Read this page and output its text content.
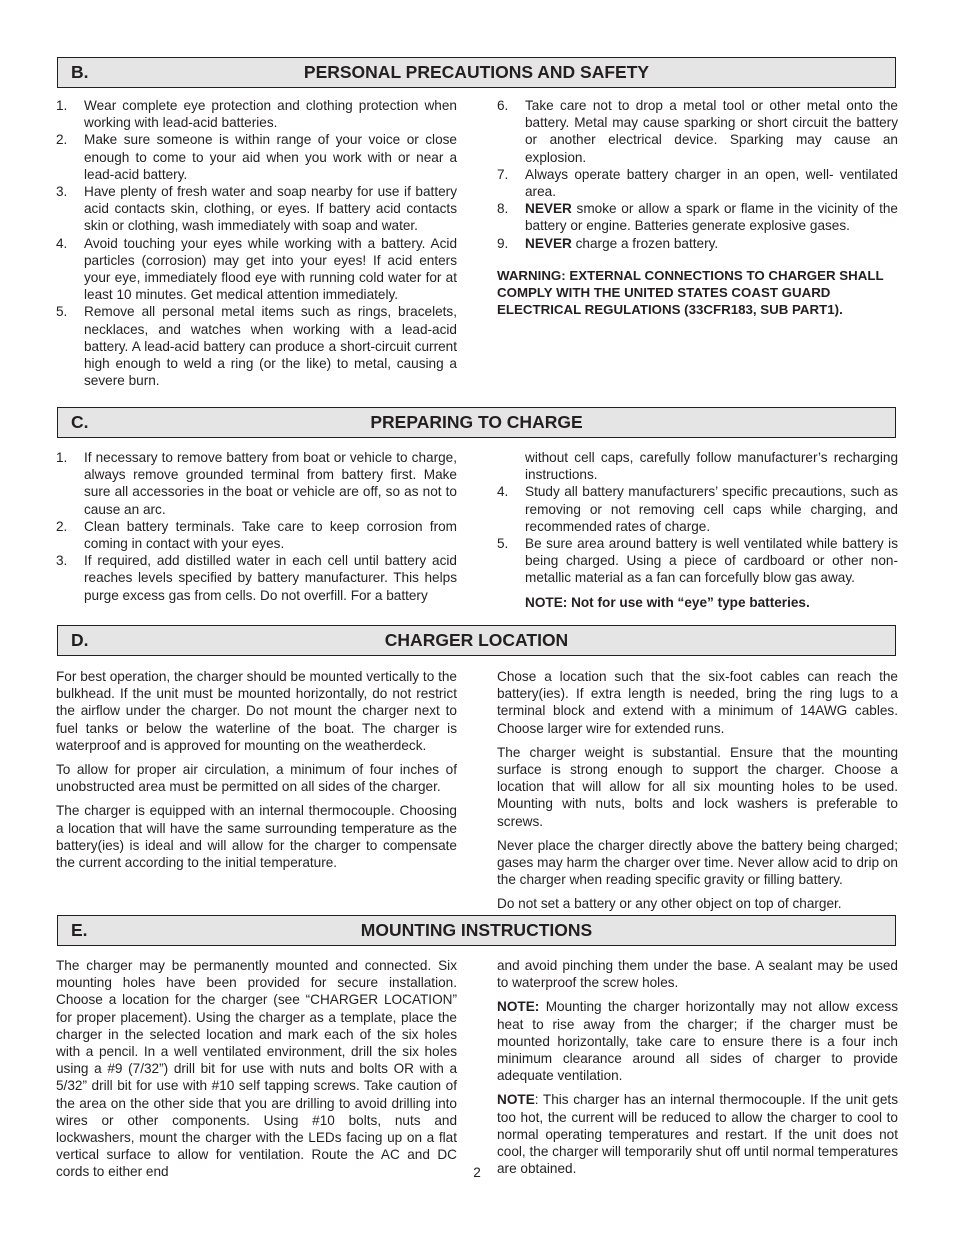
B.	PERSONAL PRECAUTIONS AND SAFETY
1. Wear complete eye protection and clothing protection when working with lead-acid batteries.
2. Make sure someone is within range of your voice or close enough to come to your aid when you work with or near a lead-acid battery.
3. Have plenty of fresh water and soap nearby for use if battery acid contacts skin, clothing, or eyes. If battery acid contacts skin or clothing, wash immediately with soap and water.
4. Avoid touching your eyes while working with a battery. Acid particles (corrosion) may get into your eyes! If acid enters your eye, immediately flood eye with running cold water for at least 10 minutes. Get medical attention immediately.
5. Remove all personal metal items such as rings, bracelets, necklaces, and watches when working with a lead-acid battery. A lead-acid battery can produce a short-circuit current high enough to weld a ring (or the like) to metal, causing a severe burn.
6. Take care not to drop a metal tool or other metal onto the battery. Metal may cause sparking or short circuit the battery or another electrical device. Sparking may cause an explosion.
7. Always operate battery charger in an open, well- ventilated area.
8. NEVER smoke or allow a spark or flame in the vicinity of the battery or engine. Batteries generate explosive gases.
9. NEVER charge a frozen battery.
WARNING: EXTERNAL CONNECTIONS TO CHARGER SHALL COMPLY WITH THE UNITED STATES COAST GUARD ELECTRICAL REGULATIONS (33CFR183, SUB PART1).
C.	PREPARING TO CHARGE
1. If necessary to remove battery from boat or vehicle to charge, always remove grounded terminal from battery first. Make sure all accessories in the boat or vehicle are off, so as not to cause an arc.
2. Clean battery terminals. Take care to keep corrosion from coming in contact with your eyes.
3. If required, add distilled water in each cell until battery acid reaches levels specified by battery manufacturer. This helps purge excess gas from cells. Do not overfill. For a battery
without cell caps, carefully follow manufacturer’s recharging instructions.
4. Study all battery manufacturers’ specific precautions, such as removing or not removing cell caps while charging, and recommended rates of charge.
5. Be sure area around battery is well ventilated while battery is being charged. Using a piece of cardboard or other non-metallic material as a fan can forcefully blow gas away.
NOTE: Not for use with “eye” type batteries.
D.	CHARGER LOCATION

For best operation, the charger should be mounted vertically to the bulkhead. If the unit must be mounted horizontally, do not restrict the airflow under the charger. Do not mount the charger next to fuel tanks or below the waterline of the boat. The charger is waterproof and is approved for mounting on the weatherdeck.

To allow for proper air circulation, a minimum of four inches of unobstructed area must be permitted on all sides of the charger.

The charger is equipped with an internal thermocouple. Choosing a location that will have the same surrounding temperature as the battery(ies) is ideal and will allow for the charger to compensate the current according to the initial temperature.

Chose a location such that the six-foot cables can reach the battery(ies). If extra length is needed, bring the ring lugs to a terminal block and extend with a minimum of 14AWG cables. Choose larger wire for extended runs.

The charger weight is substantial. Ensure that the mounting surface is strong enough to support the charger. Choose a location that will allow for all six mounting holes to be used. Mounting with nuts, bolts and lock washers is preferable to screws.

Never place the charger directly above the battery being charged; gases may harm the charger over time. Never allow acid to drip on the charger when reading specific gravity or filling battery.

Do not set a battery or any other object on top of charger.

E.	MOUNTING INSTRUCTIONS

The charger may be permanently mounted and connected. Six mounting holes have been provided for secure installation. Choose a location for the charger (see “CHARGER LOCATION” for proper placement). Using the charger as a template, place the charger in the selected location and mark each of the six holes with a pencil. In a well ventilated environment, drill the six holes using a #9 (7/32”) drill bit for use with nuts and bolts OR with a 5/32” drill bit for use with #10 self tapping screws. Take caution of the area on the other side that you are drilling to avoid drilling into wires or other components. Using #10 bolts, nuts and lockwashers, mount the charger with the LEDs facing up on a flat vertical surface to allow for ventilation. Route the AC and DC cords to either end

and avoid pinching them under the base. A sealant may be used to waterproof the screw holes.

NOTE: Mounting the charger horizontally may not allow excess heat to rise away from the charger; if the charger must be mounted horizontally, take care to ensure there is a four inch minimum clearance around all sides of charger to provide adequate ventilation.

NOTE: This charger has an internal thermocouple. If the unit gets too hot, the current will be reduced to allow the charger to cool to normal operating temperatures and restart. If the unit does not cool, the charger will temporarily shut off until normal temperatures are obtained.

2
